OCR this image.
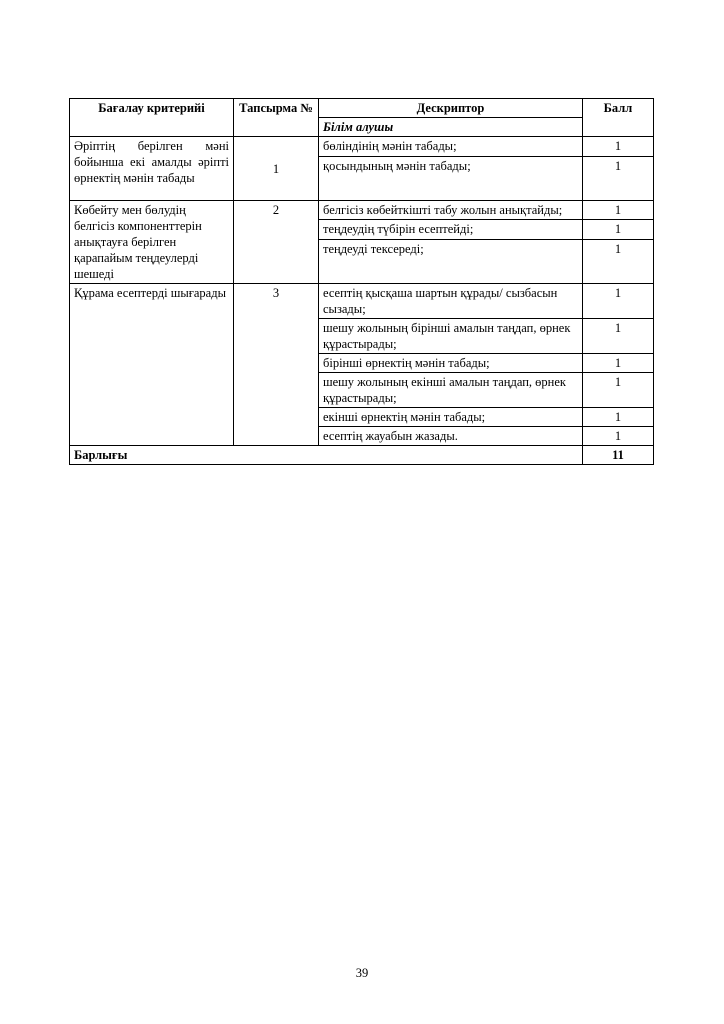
Бағалау критерийі	Тапсырма №	Дескриптор	Балл
		Білім алушы	
Әріптің берілген мәні бойынша екі амалды әріпті өрнектің мәнін табады	1	бөліндінің мәнін табады;	1
		қосындының мәнін табады;	1
Көбейту мен бөлудің белгісіз компоненттерін анықтауға берілген қарапайым теңдеулерді шешеді	2	белгісіз көбейткішті табу жолын анықтайды;	1
		теңдеудің түбірін есептейді;	1
		теңдеуді тексереді;	1
Құрама есептерді шығарады	3	есептің қысқаша шартын құрады/ сызбасын сызады;	1
		шешу жолының бірінші амалын таңдап, өрнек құрастырады;	1
		бірінші өрнектің мәнін табады;	1
		шешу жолының екінші амалын таңдап, өрнек құрастырады;	1
		екінші өрнектің мәнін табады;	1
		есептің жауабын жазады.	1
Барлығы			11
39
